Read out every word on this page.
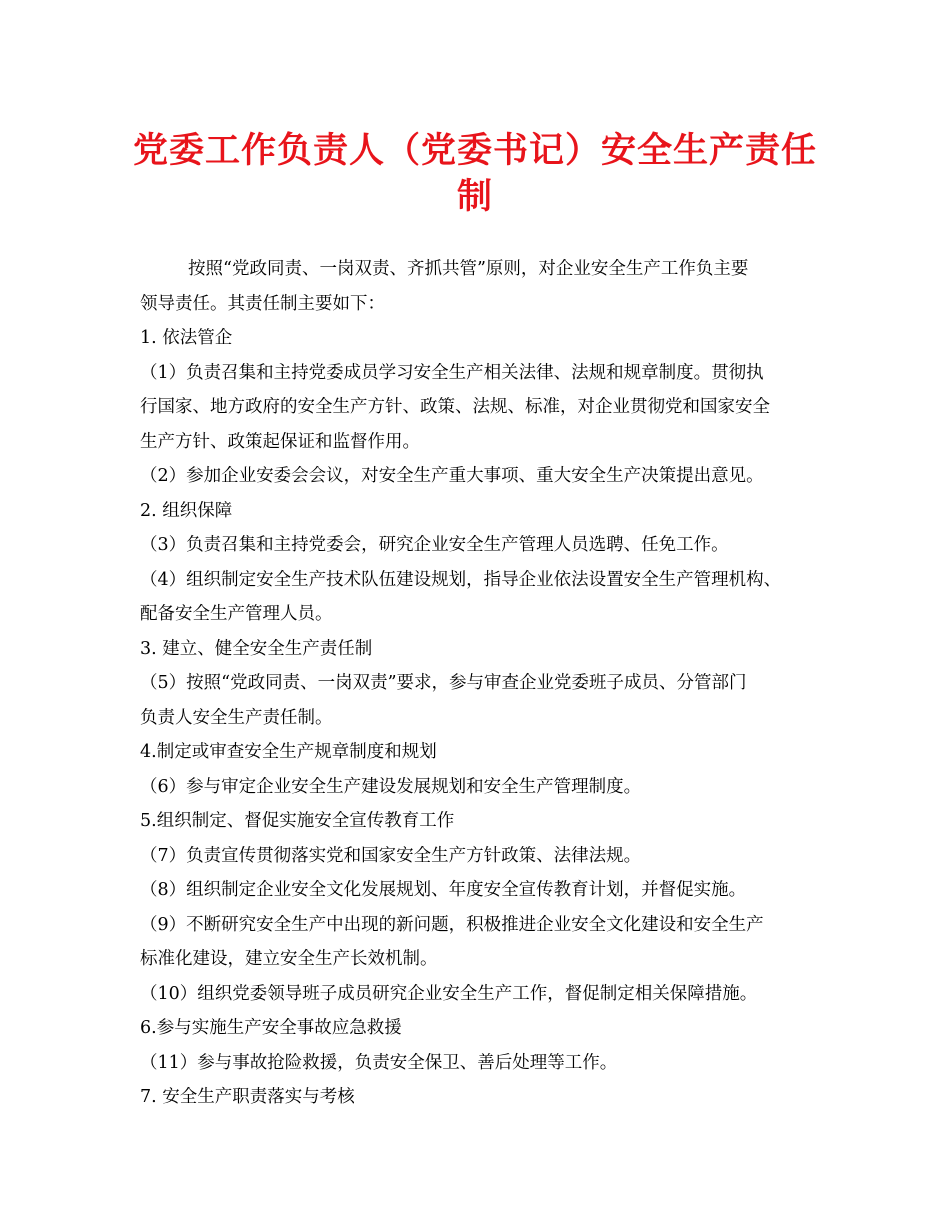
党委工作负责人（党委书记）安全生产责任
制
按照“党政同责、一岗双责、齐抓共管”原则，对企业安全生产工作负主要
领导责任。其责任制主要如下：
1. 依法管企
（1）负责召集和主持党委成员学习安全生产相关法律、法规和规章制度。贯彻执
行国家、地方政府的安全生产方针、政策、法规、标准，对企业贯彻党和国家安全
生产方针、政策起保证和监督作用。
（2）参加企业安委会会议，对安全生产重大事项、重大安全生产决策提出意见。
2. 组织保障
（3）负责召集和主持党委会，研究企业安全生产管理人员选聘、任免工作。
（4）组织制定安全生产技术队伍建设规划，指导企业依法设置安全生产管理机构、
配备安全生产管理人员。
3. 建立、健全安全生产责任制
（5）按照“党政同责、一岗双责”要求，参与审查企业党委班子成员、分管部门
负责人安全生产责任制。
4.制定或审查安全生产规章制度和规划
（6）参与审定企业安全生产建设发展规划和安全生产管理制度。
5.组织制定、督促实施安全宣传教育工作
（7）负责宣传贯彻落实党和国家安全生产方针政策、法律法规。
（8）组织制定企业安全文化发展规划、年度安全宣传教育计划，并督促实施。
（9）不断研究安全生产中出现的新问题，积极推进企业安全文化建设和安全生产
标准化建设，建立安全生产长效机制。
（10）组织党委领导班子成员研究企业安全生产工作，督促制定相关保障措施。
6.参与实施生产安全事故应急救援
（11）参与事故抢险救援，负责安全保卫、善后处理等工作。
7. 安全生产职责落实与考核
